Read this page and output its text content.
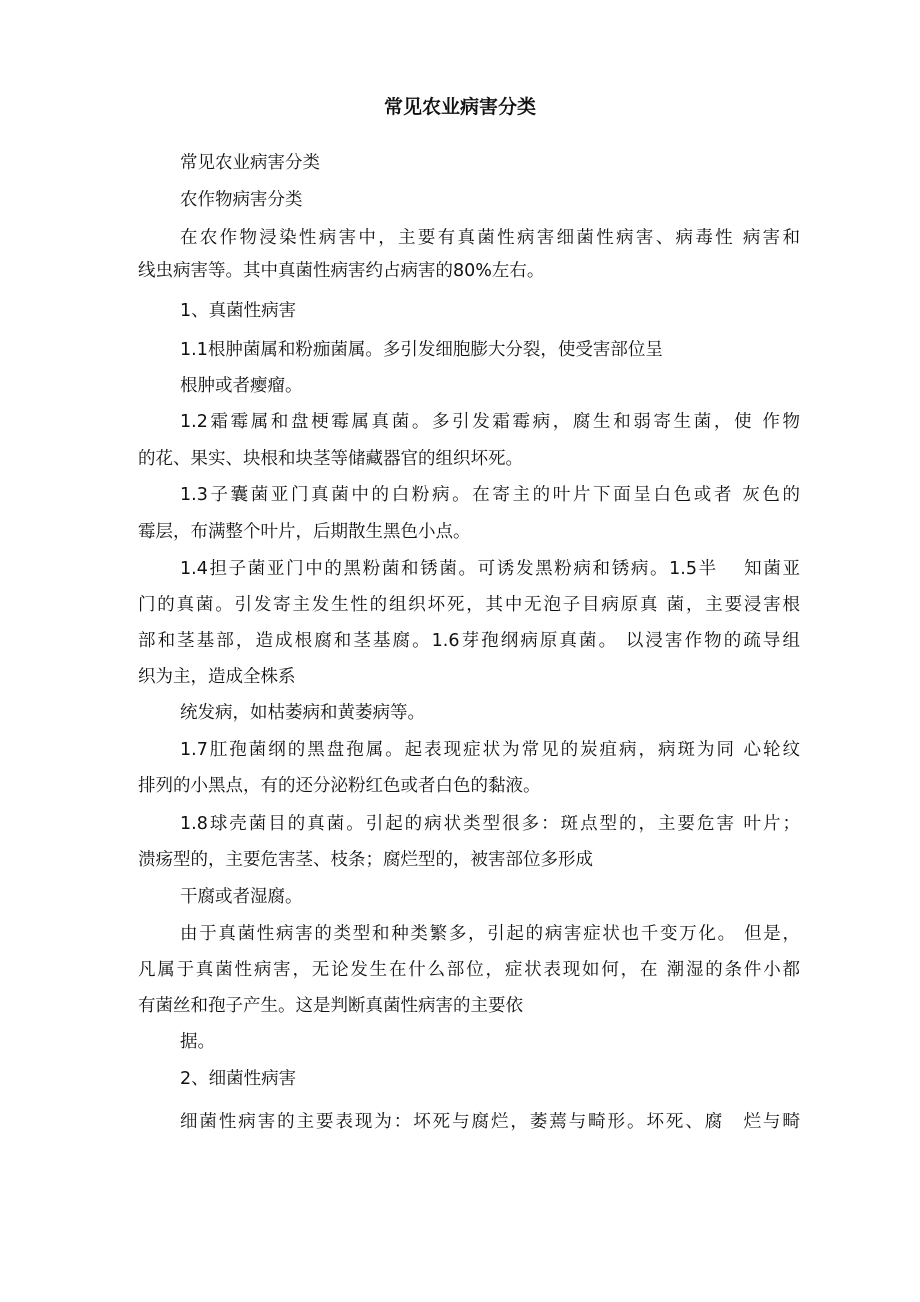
常见农业病害分类
常见农业病害分类
农作物病害分类
在农作物浸染性病害中，主要有真菌性病害细菌性病害、病毒性 病害和
线虫病害等。其中真菌性病害约占病害的80%左右。
1、真菌性病害
1.1根肿菌属和粉痂菌属。多引发细胞膨大分裂，使受害部位呈
根肿或者瘿瘤。
1.2霜霉属和盘梗霉属真菌。多引发霜霉病，腐生和弱寄生菌，使 作物
的花、果实、块根和块茎等储藏器官的组织坏死。
1.3子囊菌亚门真菌中的白粉病。在寄主的叶片下面呈白色或者 灰色的
霉层，布满整个叶片，后期散生黑色小点。
1.4担子菌亚门中的黑粉菌和锈菌。可诱发黑粉病和锈病。1.5半　 知菌亚
门的真菌。引发寄主发生性的组织坏死，其中无泡子目病原真 菌，主要浸害根
部和茎基部，造成根腐和茎基腐。1.6芽孢纲病原真菌。 以浸害作物的疏导组
织为主，造成全株系
统发病，如枯萎病和黄萎病等。
1.7肛孢菌纲的黑盘孢属。起表现症状为常见的炭疽病，病斑为同 心轮纹
排列的小黑点，有的还分泌粉红色或者白色的黏液。
1.8球壳菌目的真菌。引起的病状类型很多：斑点型的，主要危害 叶片；
溃疡型的，主要危害茎、枝条；腐烂型的，被害部位多形成
干腐或者湿腐。
由于真菌性病害的类型和种类繁多，引起的病害症状也千变万化。 但是，
凡属于真菌性病害，无论发生在什么部位，症状表现如何，在 潮湿的条件小都
有菌丝和孢子产生。这是判断真菌性病害的主要依
据。
2、细菌性病害
细菌性病害的主要表现为：坏死与腐烂，萎蔫与畸形。坏死、腐　烂与畸
